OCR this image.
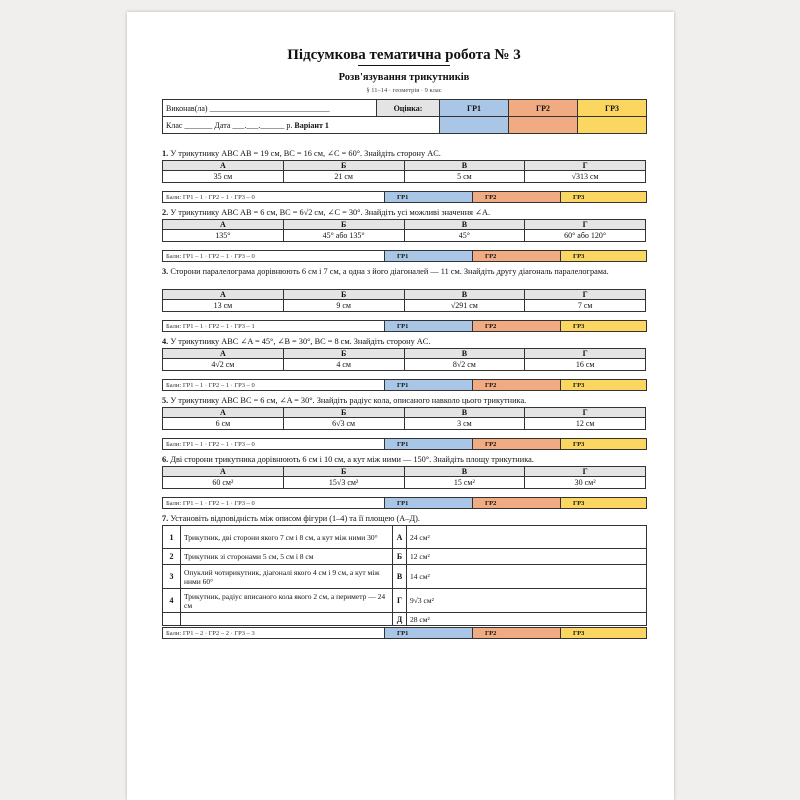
Підсумкова тематична робота № 3
Розв'язування трикутників
§ 11–14 · геометрія · 9 клас
Виконав(ла) ______________________________	Оцінка:	ГР1	ГР2	ГР3
Клас _______ Дата ___.___.______ р. Варіант 1				
1. У трикутнику ABC AB = 19 см, BC = 16 см, ∠C = 60°. Знайдіть сторону AC.
А	Б	В	Г
35 см	21 см	5 см	√313 см
Бали: ГР1 – 1 · ГР2 – 1 · ГР3 – 0	ГР1	ГР2	ГР3
2. У трикутнику ABC AB = 6 см, BC = 6√2 см, ∠C = 30°. Знайдіть усі можливі значення ∠A.
А	Б	В	Г
135°	45° або 135°	45°	60° або 120°
Бали: ГР1 – 1 · ГР2 – 1 · ГР3 – 0	ГР1	ГР2	ГР3
3. Сторони паралелограма дорівнюють 6 см і 7 см, а одна з його діагоналей — 11 см. Знайдіть другу діагональ паралелограма.
А	Б	В	Г
13 см	9 см	√291 см	7 см
Бали: ГР1 – 1 · ГР2 – 1 · ГР3 – 1	ГР1	ГР2	ГР3
4. У трикутнику ABC ∠A = 45°, ∠B = 30°, BC = 8 см. Знайдіть сторону AC.
А	Б	В	Г
4√2 см	4 см	8√2 см	16 см
Бали: ГР1 – 1 · ГР2 – 1 · ГР3 – 0	ГР1	ГР2	ГР3
5. У трикутнику ABC BC = 6 см, ∠A = 30°. Знайдіть радіус кола, описаного навколо цього трикутника.
А	Б	В	Г
6 см	6√3 см	3 см	12 см
Бали: ГР1 – 1 · ГР2 – 1 · ГР3 – 0	ГР1	ГР2	ГР3
6. Дві сторони трикутника дорівнюють 6 см і 10 см, а кут між ними — 150°. Знайдіть площу трикутника.
А	Б	В	Г
60 см²	15√3 см²	15 см²	30 см²
Бали: ГР1 – 1 · ГР2 – 1 · ГР3 – 0	ГР1	ГР2	ГР3
7. Установіть відповідність між описом фігури (1–4) та її площею (А–Д).
1	Трикутник, дві сторони якого 7 см і 8 см, а кут між ними 30°	А	24 см²
2	Трикутник зі сторонами 5 см, 5 см і 8 см	Б	12 см²
3	Опуклий чотирикутник, діагоналі якого 4 см і 9 см, а кут між ними 60°	В	14 см²
4	Трикутник, радіус вписаного кола якого 2 см, а периметр — 24 см	Г	9√3 см²
		Д	28 см²
Бали: ГР1 – 2 · ГР2 – 2 · ГР3 – 3	ГР1	ГР2	ГР3
